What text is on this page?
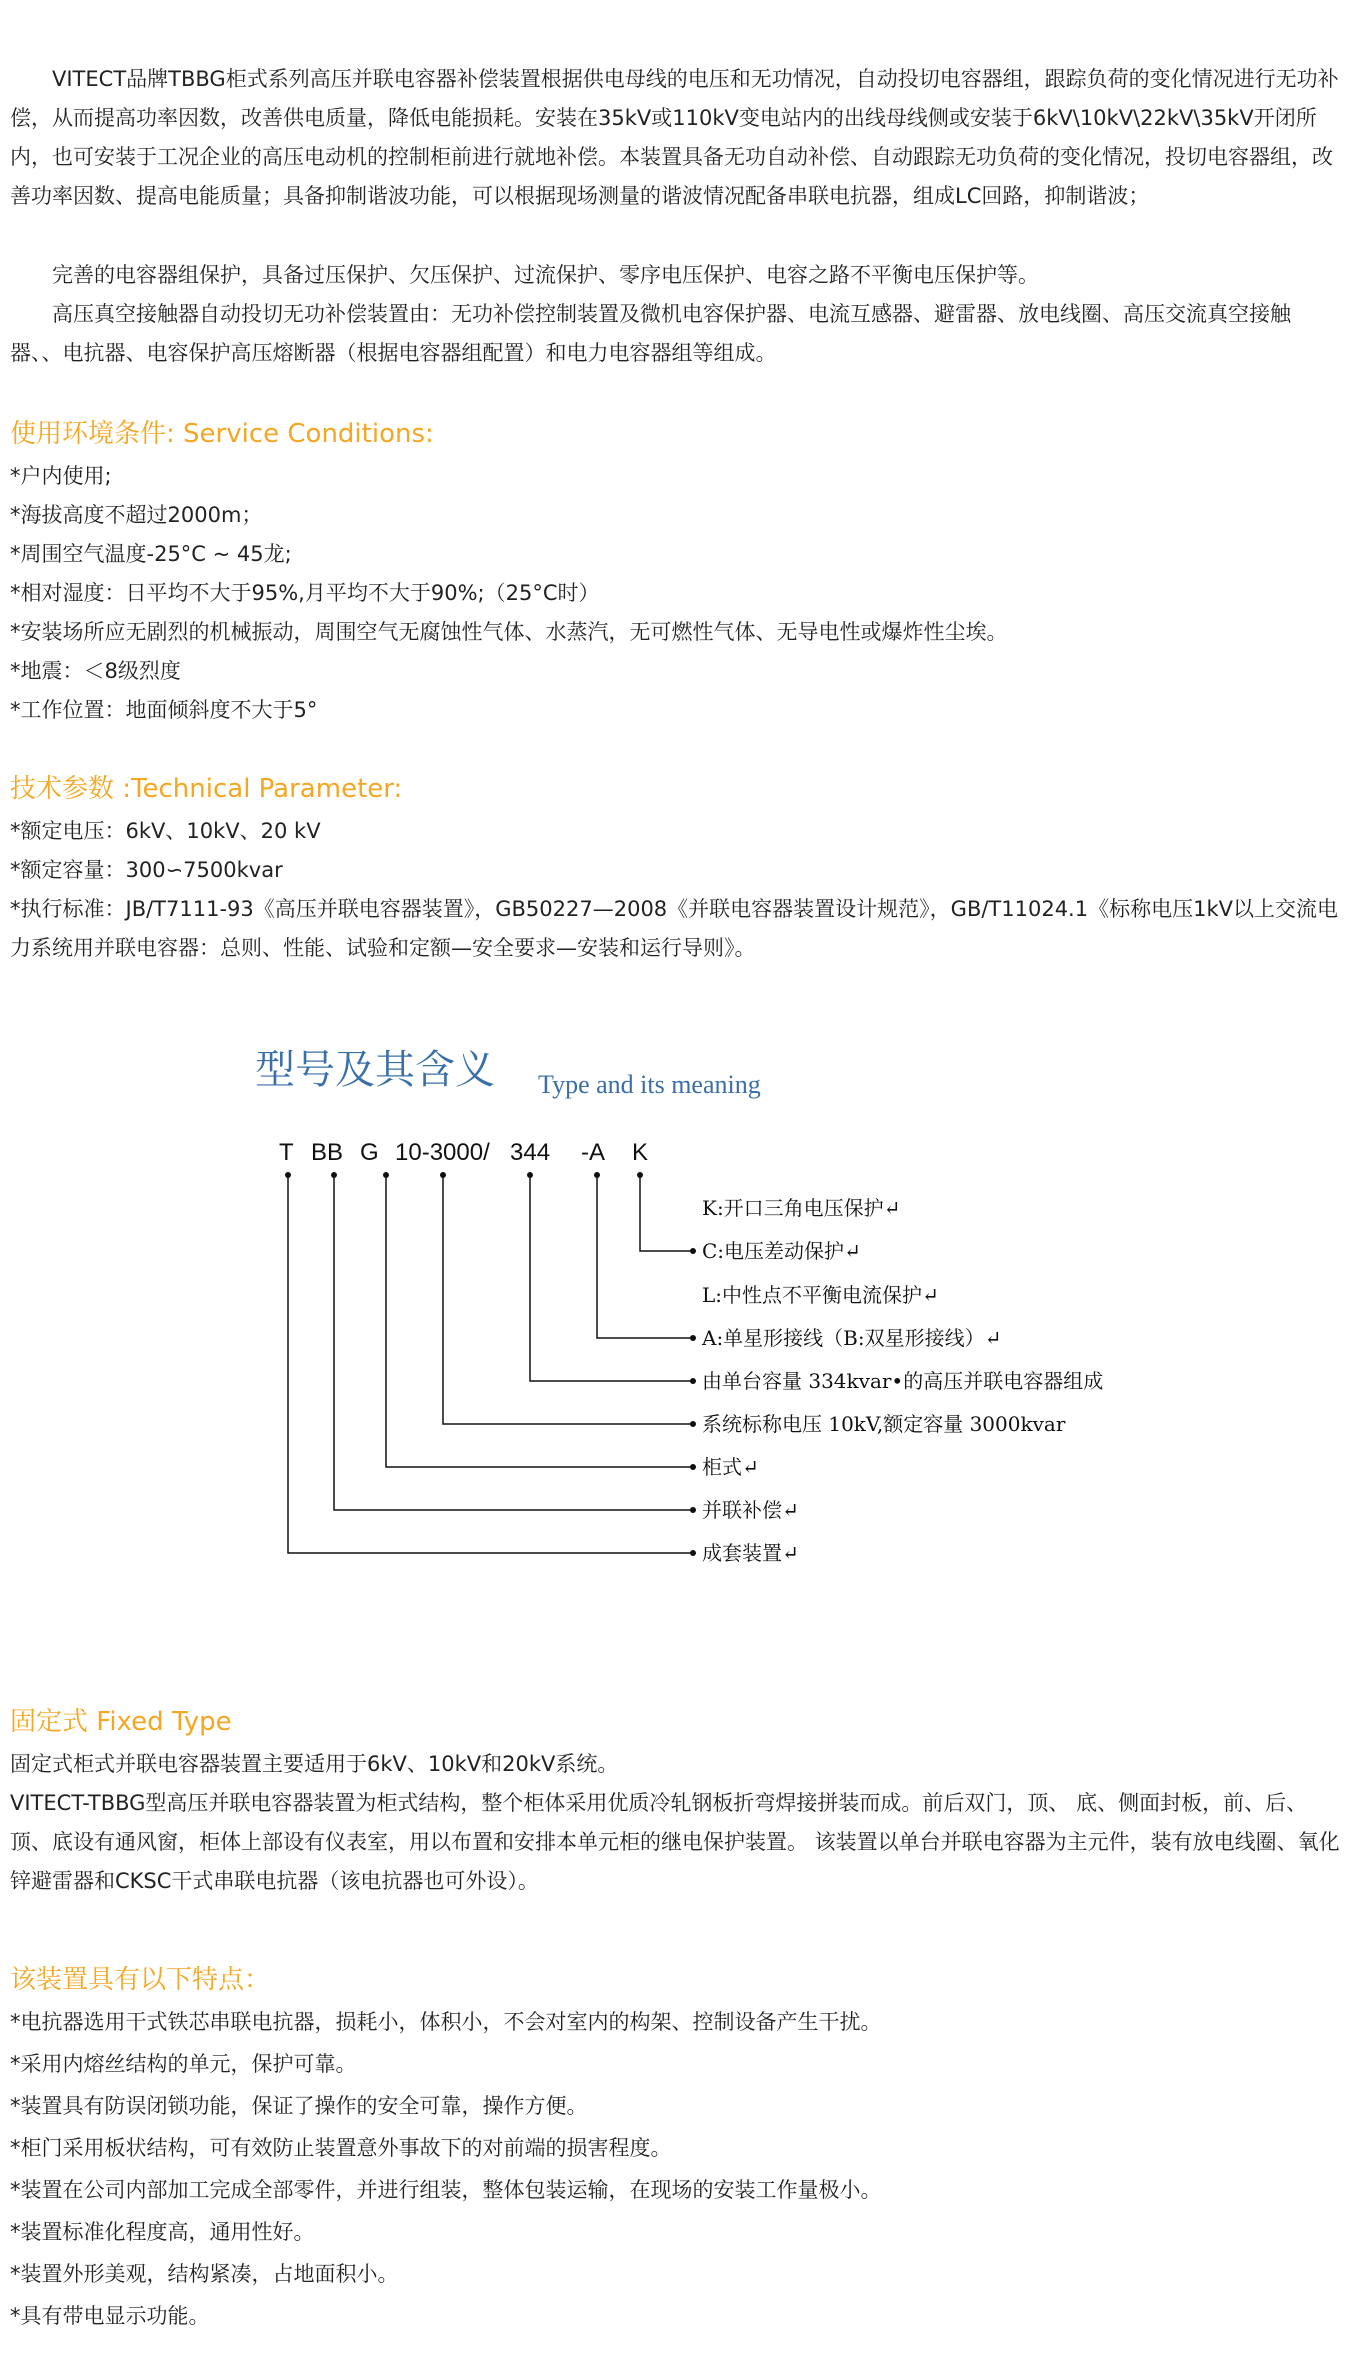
VITECT品牌TBBG柜式系列高压并联电容器补偿装置根据供电母线的电压和无功情况，自动投切电容器组，跟踪负荷的变化情况进行无功补偿，从而提高功率因数，改善供电质量，降低电能损耗。安装在35kV或110kV变电站内的出线母线侧或安装于6kV\10kV\22kV\35kV开闭所内，也可安装于工况企业的高压电动机的控制柜前进行就地补偿。本装置具备无功自动补偿、自动跟踪无功负荷的变化情况，投切电容器组，改善功率因数、提高电能质量；具备抑制谐波功能，可以根据现场测量的谐波情况配备串联电抗器，组成LC回路，抑制谐波；

完善的电容器组保护，具备过压保护、欠压保护、过流保护、零序电压保护、电容之路不平衡电压保护等。

高压真空接触器自动投切无功补偿装置由：无功补偿控制装置及微机电容保护器、电流互感器、避雷器、放电线圈、高压交流真空接触器、、电抗器、电容保护高压熔断器（根据电容器组配置）和电力电容器组等组成。

使用环境条件: Service Conditions:

*户内使用;

*海拔高度不超过2000m；

*周围空气温度-25°C ~ 45龙;

*相对湿度：日平均不大于95%,月平均不大于90%;（25°C时）

*安装场所应无剧烈的机械振动，周围空气无腐蚀性气体、水蒸汽，无可燃性气体、无导电性或爆炸性尘埃。

*地震：＜8级烈度

*工作位置：地面倾斜度不大于5°

技术参数 :Technical Parameter:

*额定电压：6kV、10kV、20 kV

*额定容量：300∽7500kvar

*执行标准：JB/T7111-93《高压并联电容器装置》，GB50227—2008《并联电容器装置设计规范》，GB/T11024.1《标称电压1kV以上交流电力系统用并联电容器：总则、性能、试验和定额—安全要求—安装和运行导则》。

固定式 Fixed Type

固定式柜式并联电容器装置主要适用于6kV、10kV和20kV系统。

VITECT-TBBG型高压并联电容器装置为柜式结构，整个柜体采用优质冷轧钢板折弯焊接拼装而成。前后双门，顶、 底、侧面封板，前、后、顶、底设有通风窗，柜体上部设有仪表室，用以布置和安排本单元柜的继电保护装置。 该装置以单台并联电容器为主元件，装有放电线圈、氧化锌避雷器和CKSC干式串联电抗器（该电抗器也可外设）。

该装置具有以下特点：

*电抗器选用干式铁芯串联电抗器，损耗小，体积小，不会对室内的构架、控制设备产生干扰。

*采用内熔丝结构的单元，保护可靠。

*装置具有防误闭锁功能，保证了操作的安全可靠，操作方便。

*柜门采用板状结构，可有效防止装置意外事故下的对前端的损害程度。

*装置在公司内部加工完成全部零件，并进行组装，整体包装运输，在现场的安装工作量极小。

*装置标准化程度高，通用性好。

*装置外形美观，结构紧凑，占地面积小。

*具有带电显示功能。

型号及其含义 Type and its meaning
T BB G 10-3000/ 344 -A K
K:开口三角电压保护↵
C:电压差动保护↵
L:中性点不平衡电流保护↵
A:单星形接线（B:双星形接线）↵
由单台容量 334kvar•的高压并联电容器组成
系统标称电压 10kV,额定容量 3000kvar
柜式↵
并联补偿↵
成套装置↵
